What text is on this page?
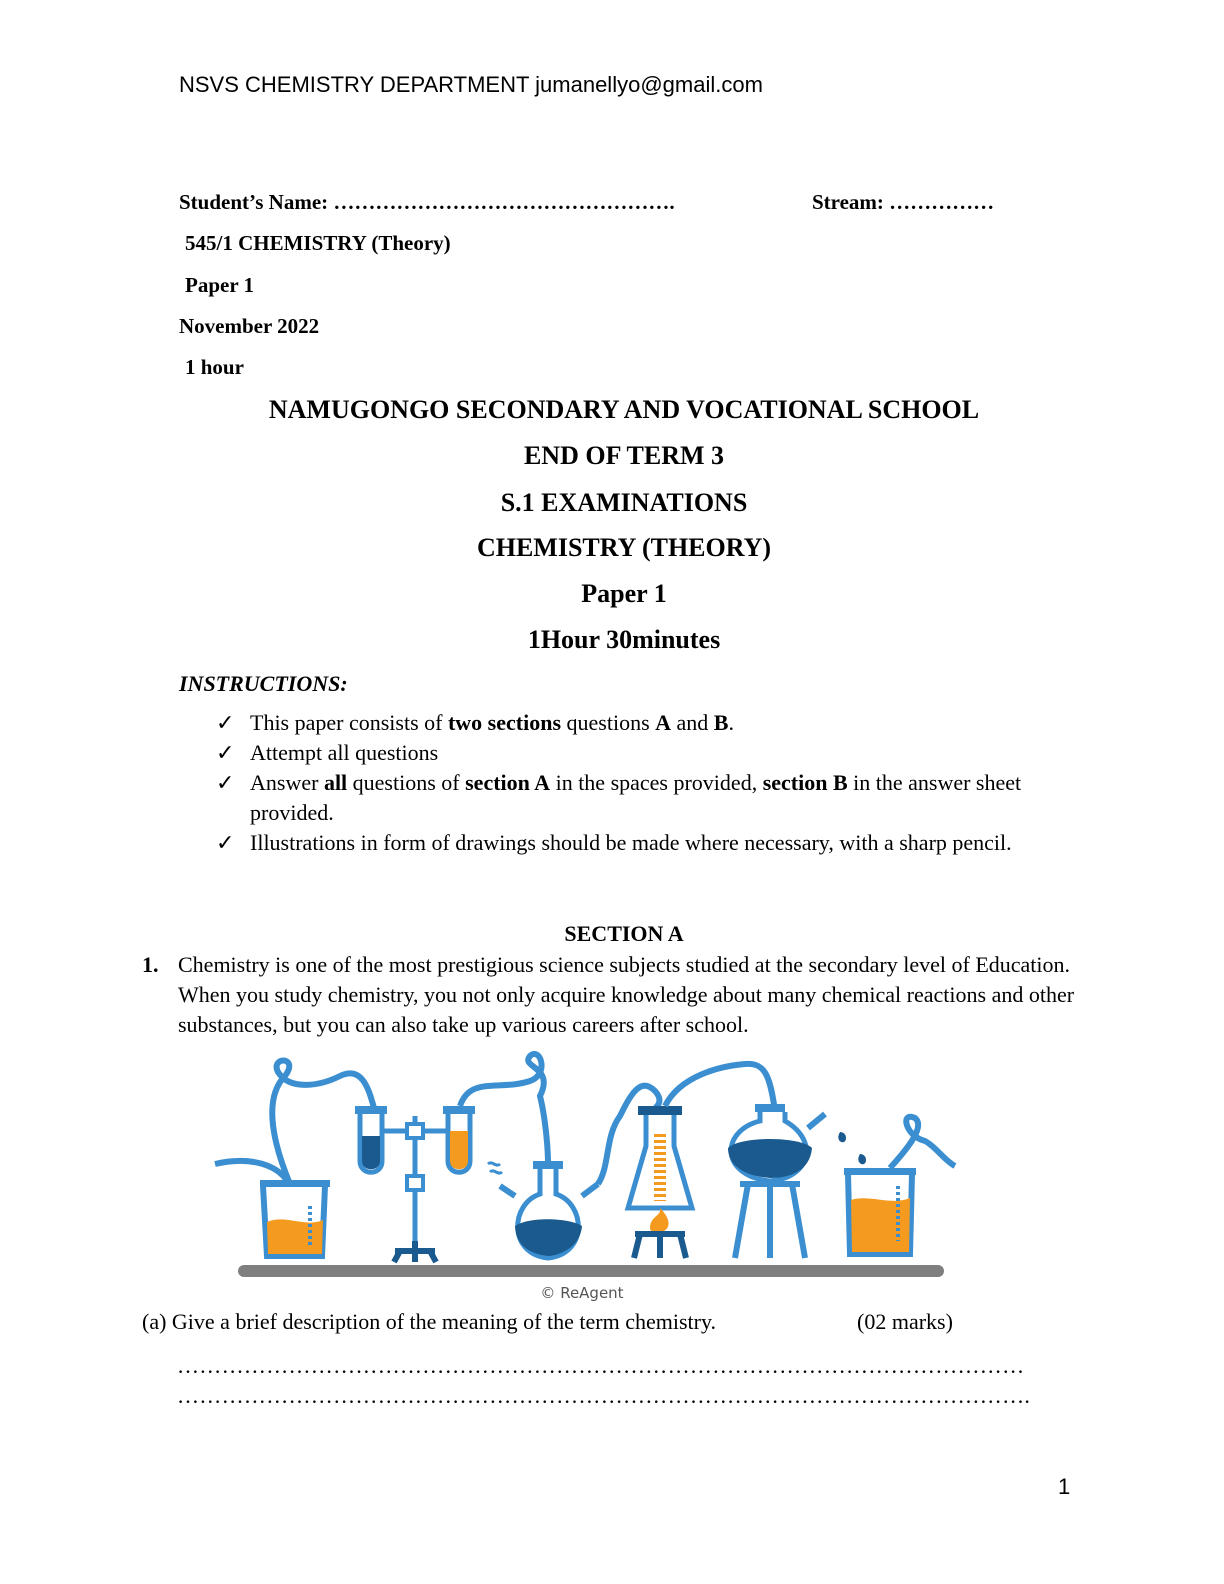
NSVS CHEMISTRY DEPARTMENT jumanellyo@gmail.com
Student’s Name: ………………………………………….	Stream: ……………
545/1 CHEMISTRY (Theory)
Paper 1
November 2022
1 hour
NAMUGONGO SECONDARY AND VOCATIONAL SCHOOL
END OF TERM 3
S.1 EXAMINATIONS
CHEMISTRY (THEORY)
Paper 1
1Hour 30minutes
INSTRUCTIONS:
✓ This paper consists of two sections questions A and B.
✓ Attempt all questions
✓ Answer all questions of section A in the spaces provided, section B in the answer sheet provided.
✓ Illustrations in form of drawings should be made where necessary, with a sharp pencil.
SECTION A
1. Chemistry is one of the most prestigious science subjects studied at the secondary level of Education. When you study chemistry, you not only acquire knowledge about many chemical reactions and other substances, but you can also take up various careers after school.
© ReAgent
(a) Give a brief description of the meaning of the term chemistry.	(02 marks)
……………………………………………………………………………………………………
…………………………………………………………………………………………………….
1
